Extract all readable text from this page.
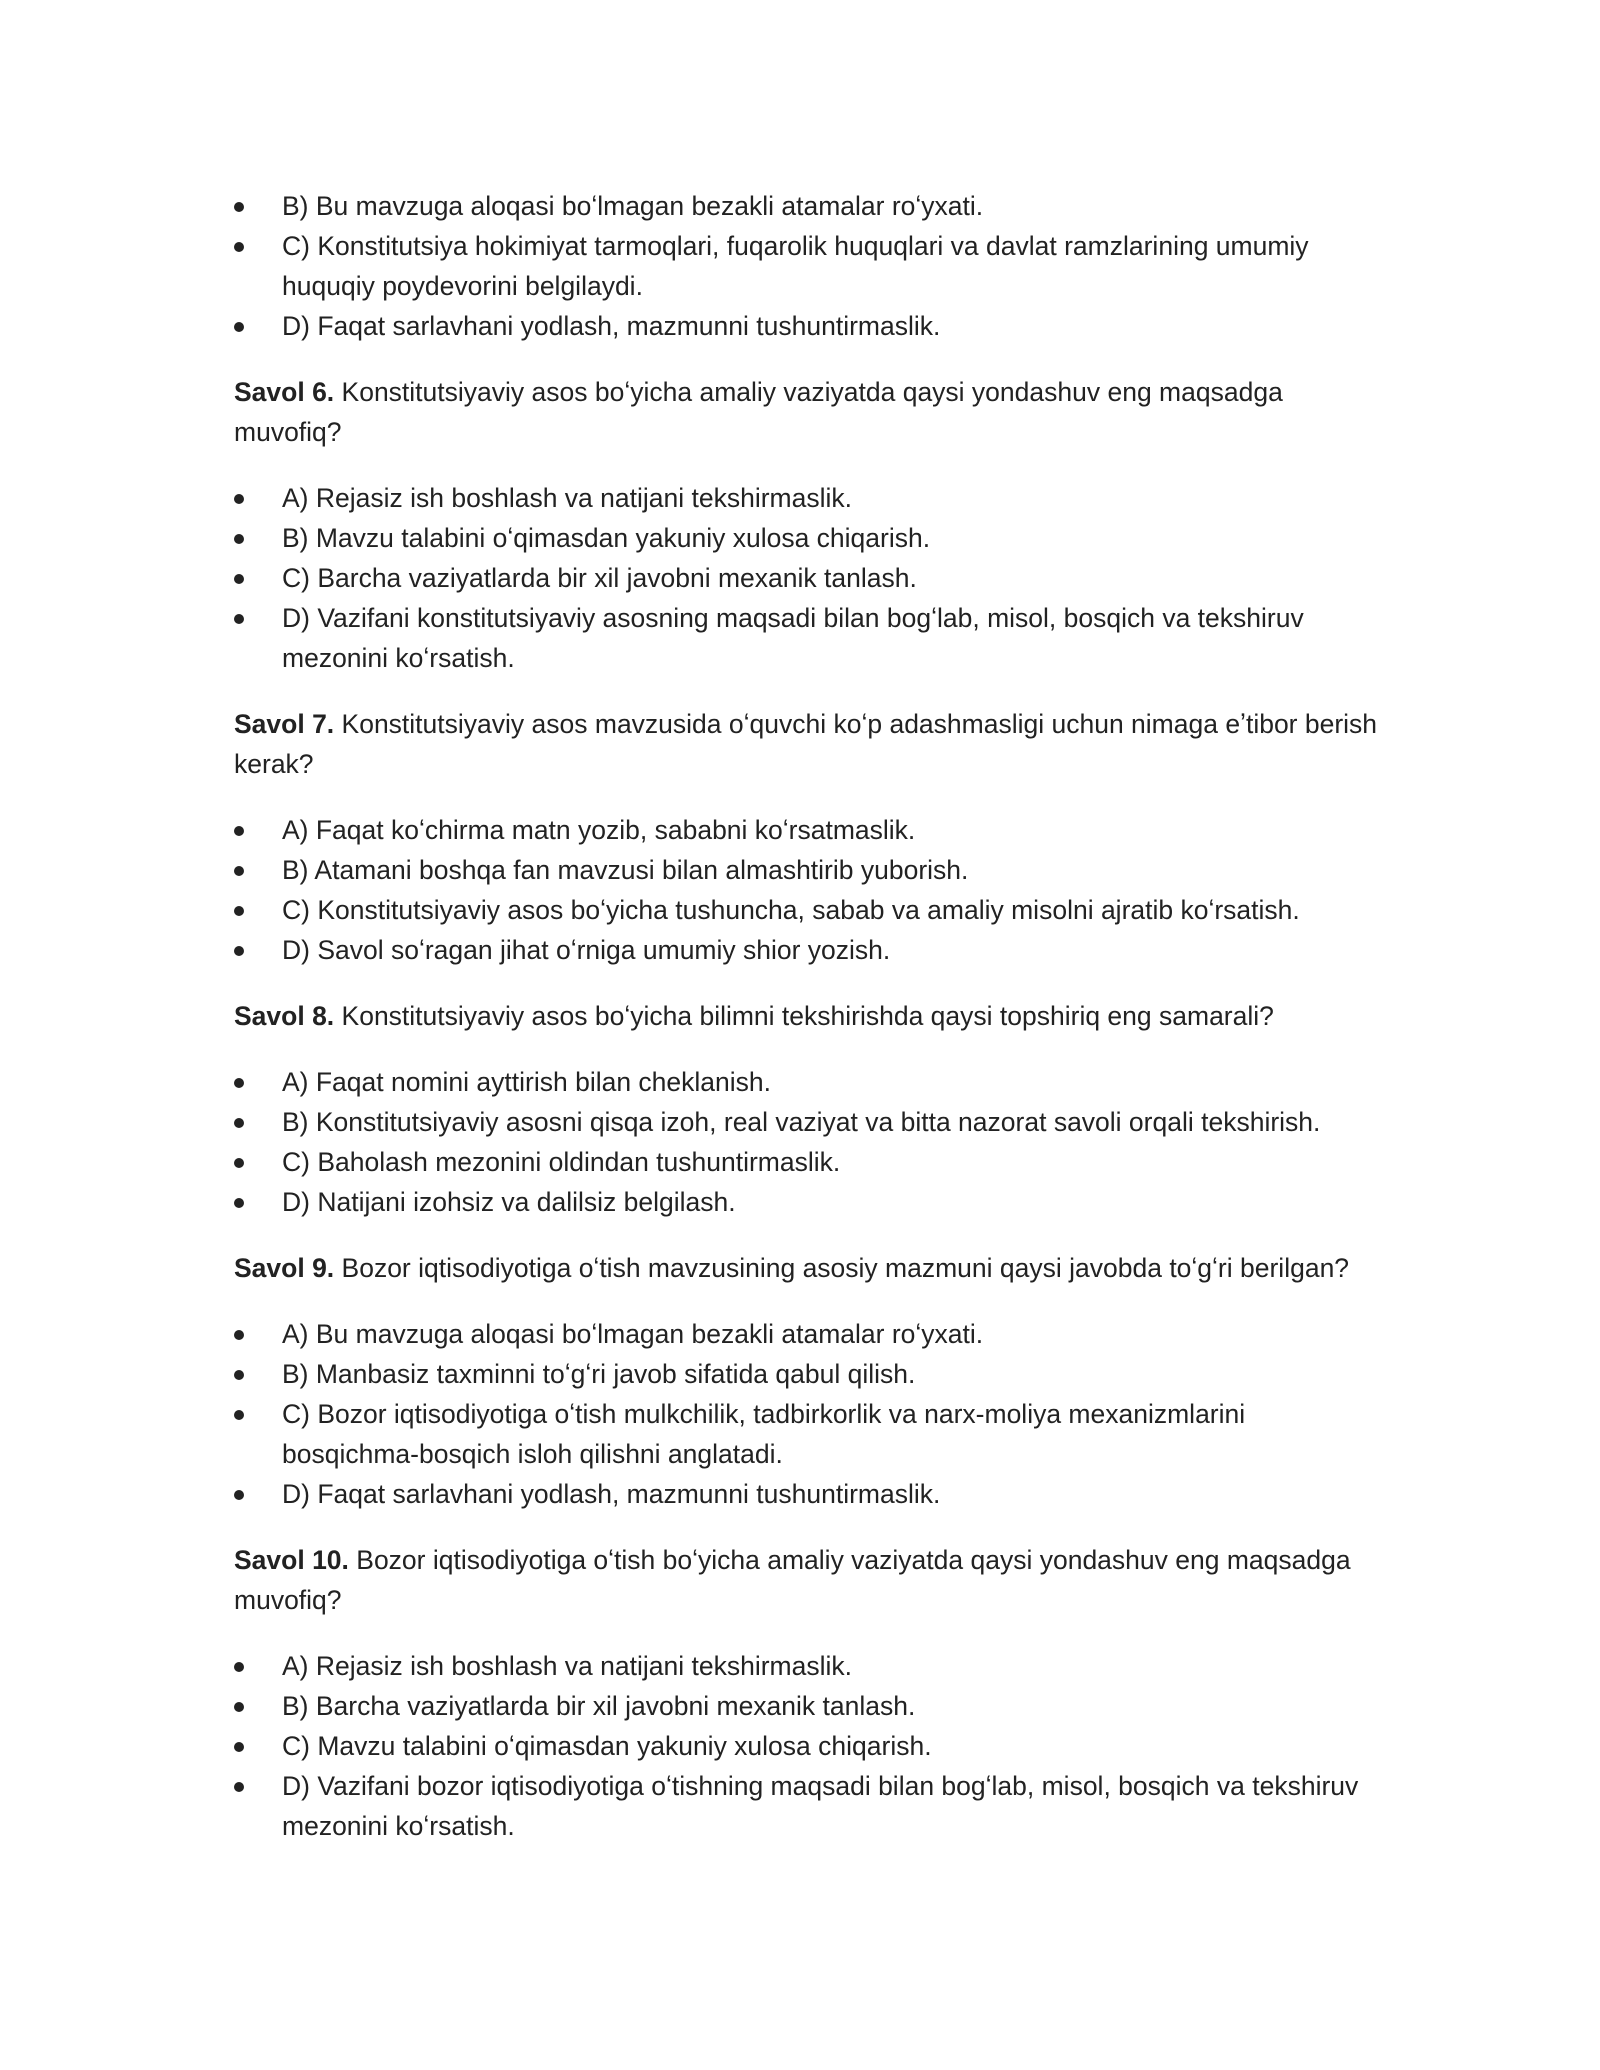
B) Bu mavzuga aloqasi boʻlmagan bezakli atamalar roʻyxati.
C) Konstitutsiya hokimiyat tarmoqlari, fuqarolik huquqlari va davlat ramzlarining umumiy huquqiy poydevorini belgilaydi.
D) Faqat sarlavhani yodlash, mazmunni tushuntirmaslik.

Savol 6. Konstitutsiyaviy asos boʻyicha amaliy vaziyatda qaysi yondashuv eng maqsadga muvofiq?

A) Rejasiz ish boshlash va natijani tekshirmaslik.
B) Mavzu talabini oʻqimasdan yakuniy xulosa chiqarish.
C) Barcha vaziyatlarda bir xil javobni mexanik tanlash.
D) Vazifani konstitutsiyaviy asosning maqsadi bilan bogʻlab, misol, bosqich va tekshiruv mezonini koʻrsatish.

Savol 7. Konstitutsiyaviy asos mavzusida oʻquvchi koʻp adashmasligi uchun nimaga eʼtibor berish kerak?

A) Faqat koʻchirma matn yozib, sababni koʻrsatmaslik.
B) Atamani boshqa fan mavzusi bilan almashtirib yuborish.
C) Konstitutsiyaviy asos boʻyicha tushuncha, sabab va amaliy misolni ajratib koʻrsatish.
D) Savol soʻragan jihat oʻrniga umumiy shior yozish.

Savol 8. Konstitutsiyaviy asos boʻyicha bilimni tekshirishda qaysi topshiriq eng samarali?

A) Faqat nomini ayttirish bilan cheklanish.
B) Konstitutsiyaviy asosni qisqa izoh, real vaziyat va bitta nazorat savoli orqali tekshirish.
C) Baholash mezonini oldindan tushuntirmaslik.
D) Natijani izohsiz va dalilsiz belgilash.

Savol 9. Bozor iqtisodiyotiga oʻtish mavzusining asosiy mazmuni qaysi javobda toʻgʻri berilgan?

A) Bu mavzuga aloqasi boʻlmagan bezakli atamalar roʻyxati.
B) Manbasiz taxminni toʻgʻri javob sifatida qabul qilish.
C) Bozor iqtisodiyotiga oʻtish mulkchilik, tadbirkorlik va narx-moliya mexanizmlarini bosqichma-bosqich isloh qilishni anglatadi.
D) Faqat sarlavhani yodlash, mazmunni tushuntirmaslik.

Savol 10. Bozor iqtisodiyotiga oʻtish boʻyicha amaliy vaziyatda qaysi yondashuv eng maqsadga muvofiq?

A) Rejasiz ish boshlash va natijani tekshirmaslik.
B) Barcha vaziyatlarda bir xil javobni mexanik tanlash.
C) Mavzu talabini oʻqimasdan yakuniy xulosa chiqarish.
D) Vazifani bozor iqtisodiyotiga oʻtishning maqsadi bilan bogʻlab, misol, bosqich va tekshiruv mezonini koʻrsatish.
